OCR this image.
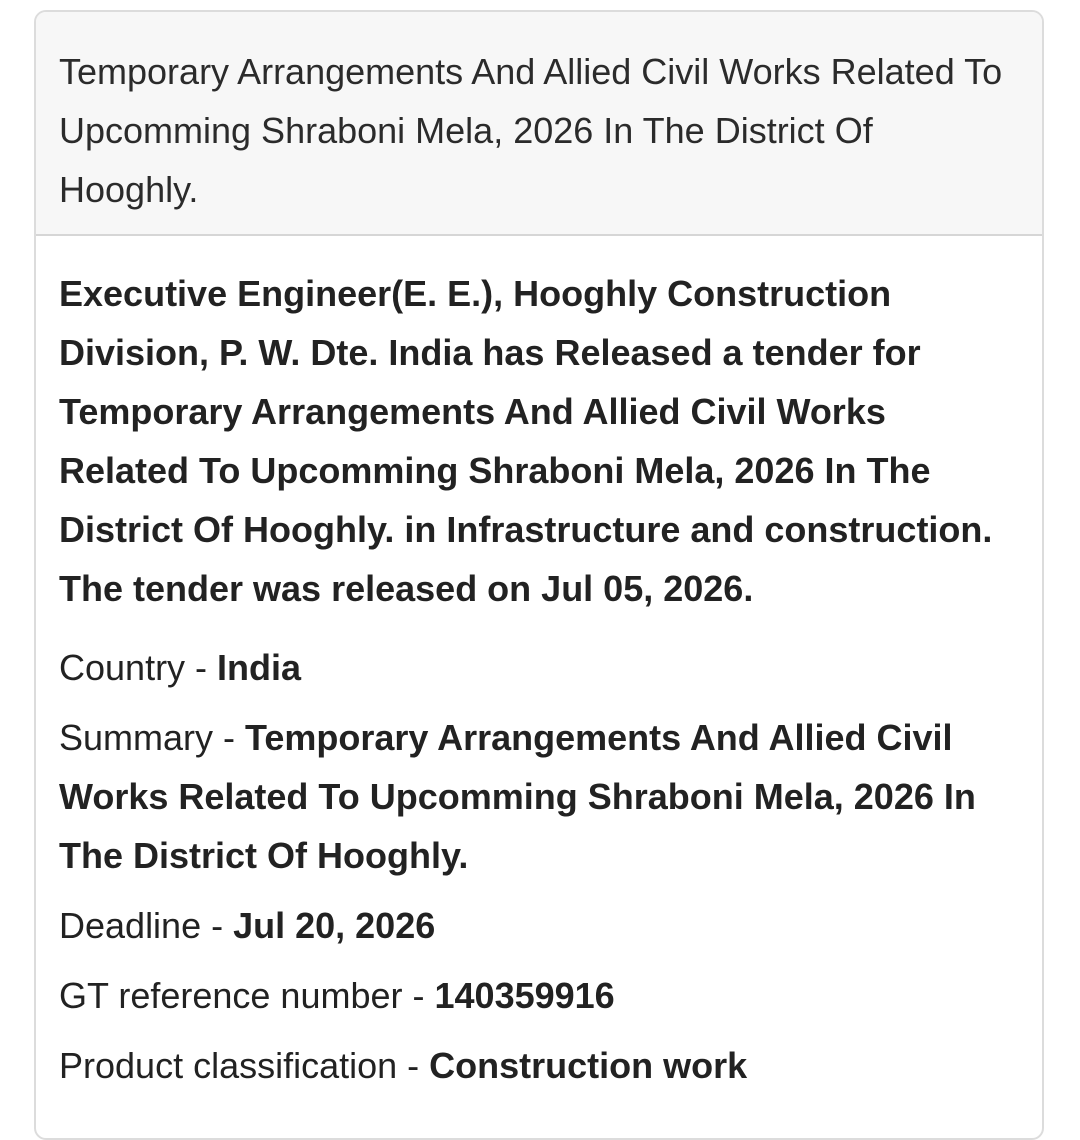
Temporary Arrangements And Allied Civil Works Related To Upcomming Shraboni Mela, 2026 In The District Of Hooghly.

Executive Engineer(E. E.), Hooghly Construction Division, P. W. Dte. India has Released a tender for Temporary Arrangements And Allied Civil Works Related To Upcomming Shraboni Mela, 2026 In The District Of Hooghly. in Infrastructure and construction. The tender was released on Jul 05, 2026.

Country - India

Summary - Temporary Arrangements And Allied Civil Works Related To Upcomming Shraboni Mela, 2026 In The District Of Hooghly.

Deadline - Jul 20, 2026

GT reference number - 140359916

Product classification - Construction work
